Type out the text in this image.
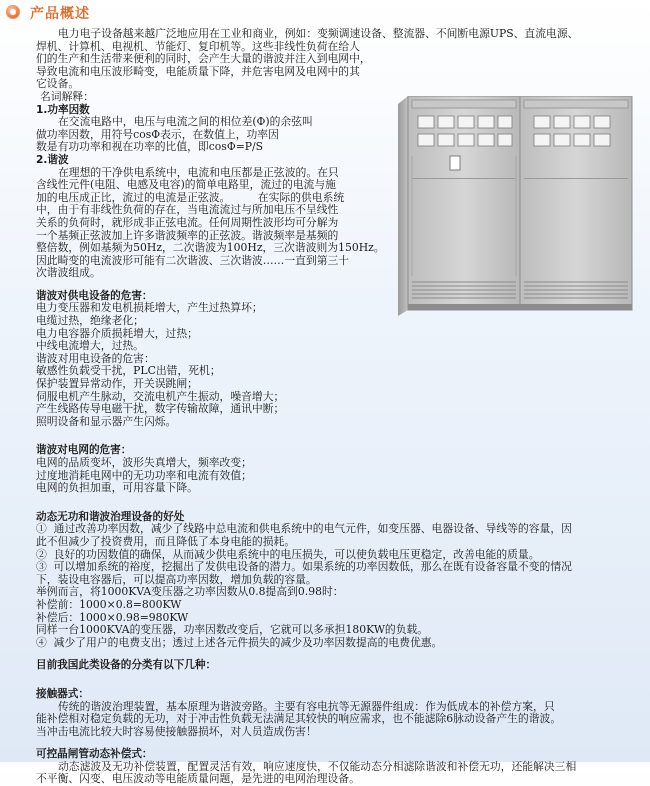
产品概述

电力电子设备越来越广泛地应用在工业和商业，例如：变频调速设备、整流器、不间断电源UPS、直流电源、

焊机、计算机、电视机、节能灯、复印机等。这些非线性负荷在给人

们的生产和生活带来便利的同时，会产生大量的谐波并注入到电网中，

导致电流和电压波形畸变，电能质量下降，并危害电网及电网中的其

它设备。

名词解释：

1.功率因数

在交流电路中，电压与电流之间的相位差(Φ)的余弦叫

做功率因数，用符号cosΦ表示，在数值上，功率因

数是有功功率和视在功率的比值，即cosΦ=P/S

2.谐波

在理想的干净供电系统中，电流和电压都是正弦波的。在只

含线性元件(电阻、电感及电容)的简单电路里，流过的电流与施

加的电压成正比，流过的电流是正弦波。        在实际的供电系统

中，由于有非线性负荷的存在，当电流流过与所加电压不呈线性

关系的负荷时，就形成非正弦电流。任何周期性波形均可分解为

一个基频正弦波加上许多谐波频率的正弦波。谐波频率是基频的

整倍数，例如基频为50Hz，二次谐波为100Hz，三次谐波则为150Hz。

因此畸变的电流波形可能有二次谐波、三次谐波……一直到第三十

次谐波组成。

谐波对供电设备的危害：

电力变压器和发电机损耗增大，产生过热算坏；

电缆过热，绝缘老化；

电力电容器介质损耗增大，过热；

中线电流增大，过热。

谐波对用电设备的危害：

敏感性负载受干扰，PLC出错，死机；

保护装置异常动作，开关误跳闸；

伺服电机产生脉动，交流电机产生振动，噪音增大；

产生线路传导电磁干扰，数字传输故障，通讯中断；

照明设备和显示器产生闪烁。

谐波对电网的危害：

电网的品质变坏，波形失真增大，频率改变；

过度地消耗电网中的无功功率和电流有效值；

电网的负担加重，可用容量下降。

动态无功和谐波治理设备的好处

①  通过改善功率因数，减少了线路中总电流和供电系统中的电气元件，如变压器、电器设备、导线等的容量，因

此不但减少了投资费用，而且降低了本身电能的损耗。

②  良好的功因数值的确保，从而减少供电系统中的电压损失，可以使负载电压更稳定，改善电能的质量。

③  可以增加系统的裕度，挖掘出了发供电设备的潜力。如果系统的功率因数低，那么在既有设备容量不变的情况

下，装设电容器后，可以提高功率因数，增加负载的容量。

举例而言，将1000KVA变压器之功率因数从0.8提高到0.98时：

补偿前：1000×0.8=800KW

补偿后：1000×0.98=980KW

同样一台1000KVA的变压器，功率因数改变后，它就可以多承担180KW的负载。

④  减少了用户的电费支出；透过上述各元件损失的减少及功率因数提高的电费优惠。

目前我国此类设备的分类有以下几种：

接触器式：

传统的谐波治理装置，基本原理为谐波旁路。主要有容电抗等无源器件组成：作为低成本的补偿方案，只

能补偿相对稳定负载的无功，对于冲击性负载无法满足其较快的响应需求，也不能滤除6脉动设备产生的谐波。

当冲击电流比较大时容易使接触器损坏，对人员造成伤害！

可控晶闸管动态补偿式：

动态滤波及无功补偿装置，配置灵活有效，响应速度快，不仅能动态分相滤除谐波和补偿无功，还能解决三相

不平衡、闪变、电压波动等电能质量问题，是先进的电网治理设备。
